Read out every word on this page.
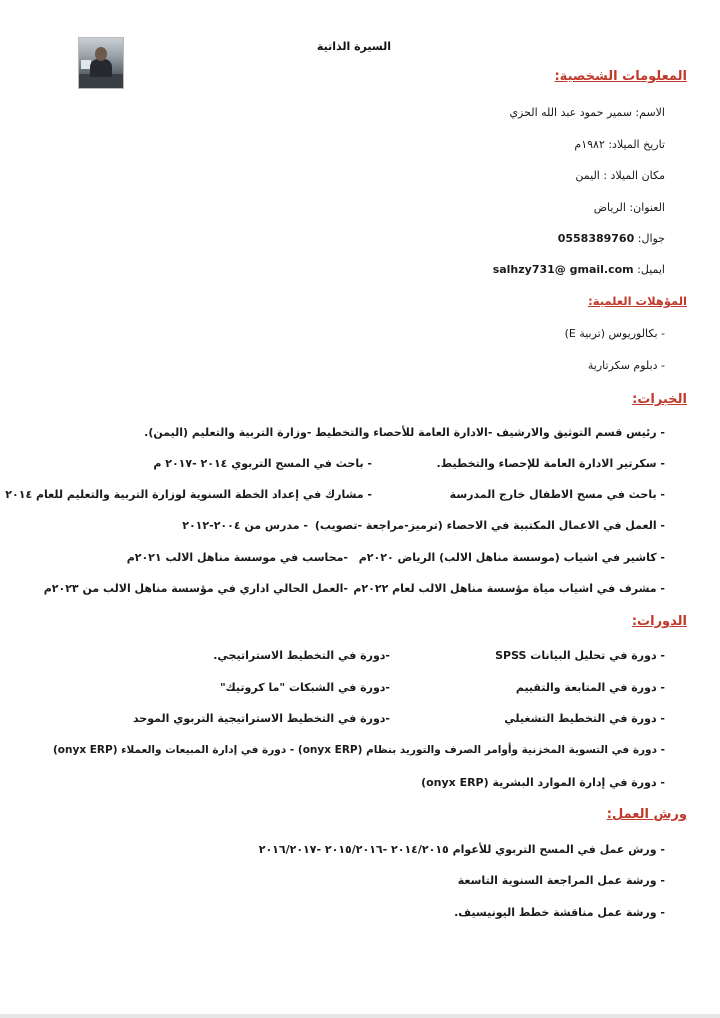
السيرة الذاتية
المعلومات الشخصية:
الاسم: سمير حمود عبد الله الحزي
تاريخ الميلاد: ١٩٨٢م
مكان الميلاد : اليمن
العنوان: الرياض
جوال: 0558389760
ايميل: salhzy731@ gmail.com
المؤهلات العلمية:
- بكالوريوس (تربية E)
- دبلوم سكرتارية
الخبرات:
- رئيس قسم التوثيق والارشيف -الادارة العامة للأحصاء والتخطيط -وزارة التربية والتعليم (اليمن).
- سكرتير الادارة العامة للإحصاء والتخطيط.
- باحث في المسح التربوي ٢٠١٤ -٢٠١٧ م
- باحث في مسح الاطفال خارج المدرسة
- مشارك في إعداد الخطة السنوية لوزارة التربية والتعليم للعام ٢٠١٤
- العمل في الاعمال المكتبية في الاحصاء (ترميز-مراجعة -تصويب)
- مدرس من ٢٠٠٤-٢٠١٢
- كاشير في اشياب (موسسة مناهل الالب) الرياض ٢٠٢٠م
-محاسب في موسسة مناهل الالب ٢٠٢١م
- مشرف في اشياب مياة مؤسسة مناهل الالب لعام ٢٠٢٢م
-العمل الحالي اداري في مؤسسة مناهل الالب من ٢٠٢٣م
الدورات:
- دورة في تحليل البيانات SPSS
-دورة في التخطيط الاستراتيجي.
- دورة في المتابعة والتقييم
-دورة في الشبكات "ما كروتيك"
- دورة في التخطيط التشغيلي
-دورة في التخطيط الاستراتيجية التربوي الموحد
- دورة في التسوية المخزنية وأوامر الصرف والتوريد بنظام (onyx ERP) - دورة في إدارة المبيعات والعملاء (onyx ERP)
- دورة في إدارة الموارد البشرية (onyx ERP)
ورش العمل:
- ورش عمل في المسح التربوي للأعوام ٢٠١٤/٢٠١٥ -٢٠١٥/٢٠١٦ -٢٠١٦/٢٠١٧
- ورشة عمل المراجعة السنوية التاسعة
- ورشة عمل مناقشة خطط اليونيسيف.
